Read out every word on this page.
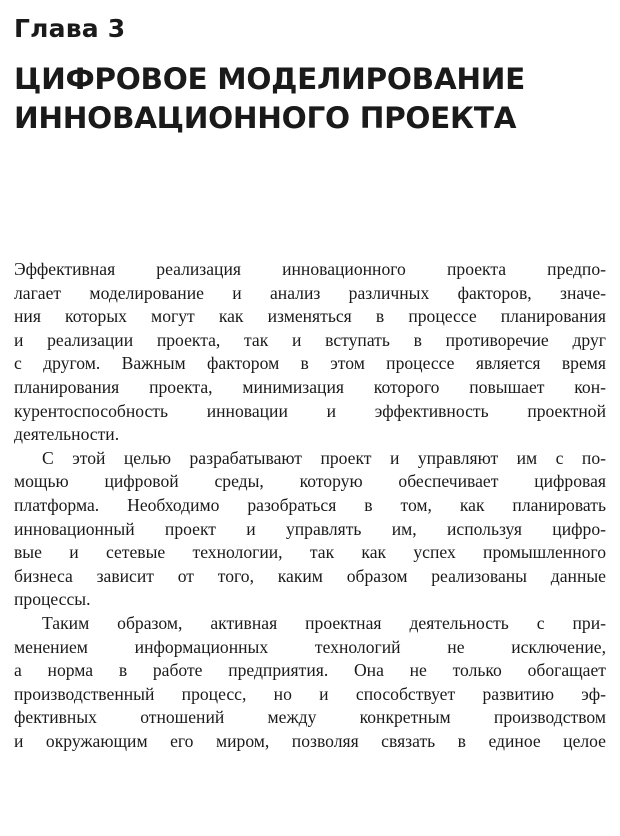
Глава 3
ЦИФРОВОЕ МОДЕЛИРОВАНИЕ
ИННОВАЦИОННОГО ПРОЕКТА

Эффективная реализация инновационного проекта предпо-
лагает моделирование и анализ различных факторов, значе-
ния которых могут как изменяться в процессе планирования
и реализации проекта, так и вступать в противоречие друг
с другом. Важным фактором в этом процессе является время
планирования проекта, минимизация которого повышает кон-
курентоспособность инновации и эффективность проектной
деятельности.

С этой целью разрабатывают проект и управляют им с по-
мощью цифровой среды, которую обеспечивает цифровая
платформа. Необходимо разобраться в том, как планировать
инновационный проект и управлять им, используя цифро-
вые и сетевые технологии, так как успех промышленного
бизнеса зависит от того, каким образом реализованы данные
процессы.

Таким образом, активная проектная деятельность с при-
менением информационных технологий не исключение,
а норма в работе предприятия. Она не только обогащает
производственный процесс, но и способствует развитию эф-
фективных отношений между конкретным производством
и окружающим его миром, позволяя связать в единое целое
